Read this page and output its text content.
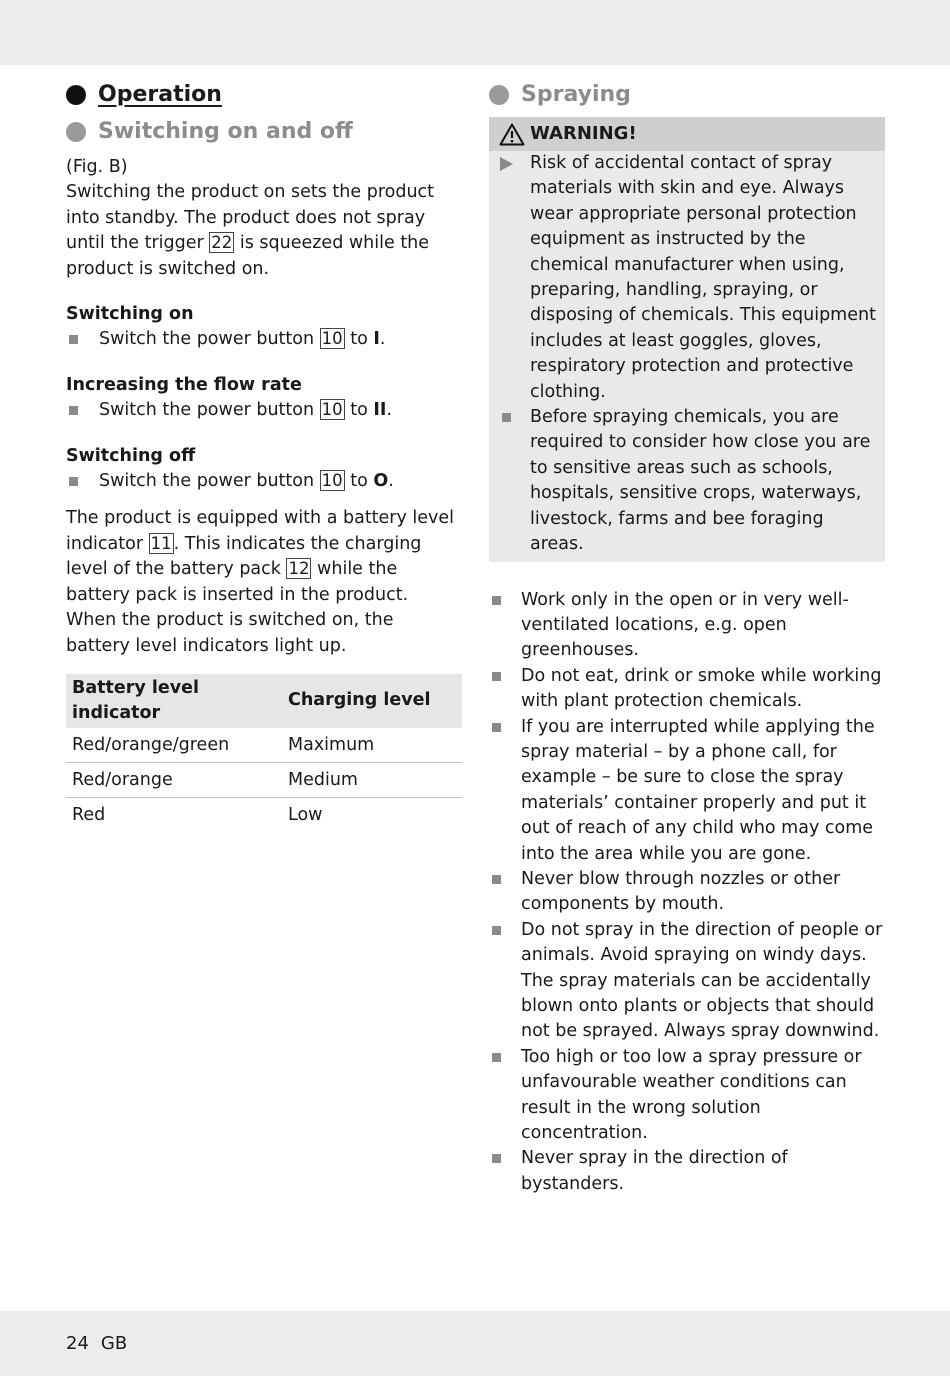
Operation
Switching on and off

(Fig. B)

Switching the product on sets the product into standby. The product does not spray until the trigger 22 is squeezed while the product is switched on.

Switching on

Switch the power button 10 to I.

Increasing the flow rate

Switch the power button 10 to II.

Switching off

Switch the power button 10 to O.

The product is equipped with a battery level indicator 11 . This indicates the charging level of the battery pack 12 while the battery pack is inserted in the product. When the product is switched on, the battery level indicators light up.

Battery level indicator	Charging level
Red/orange/green	Maximum
Red/orange	Medium
Red	Low
Spraying
WARNING!
Risk of accidental contact of spray materials with skin and eye. Always wear appropriate personal protection equipment as instructed by the chemical manufacturer when using, preparing, handling, spraying, or disposing of chemicals. This equipment includes at least goggles, gloves, respiratory protection and protective clothing.
Before spraying chemicals, you are required to consider how close you are to sensitive areas such as schools, hospitals, sensitive crops, waterways, livestock, farms and bee foraging areas.
Work only in the open or in very well-ventilated locations, e.g. open greenhouses.
Do not eat, drink or smoke while working with plant protection chemicals.
If you are interrupted while applying the spray material – by a phone call, for example – be sure to close the spray materials’ container properly and put it out of reach of any child who may come into the area while you are gone.
Never blow through nozzles or other components by mouth.
Do not spray in the direction of people or animals. Avoid spraying on windy days. The spray materials can be accidentally blown onto plants or objects that should not be sprayed. Always spray downwind.
Too high or too low a spray pressure or unfavourable weather conditions can result in the wrong solution concentration.
Never spray in the direction of bystanders.
24 GB
